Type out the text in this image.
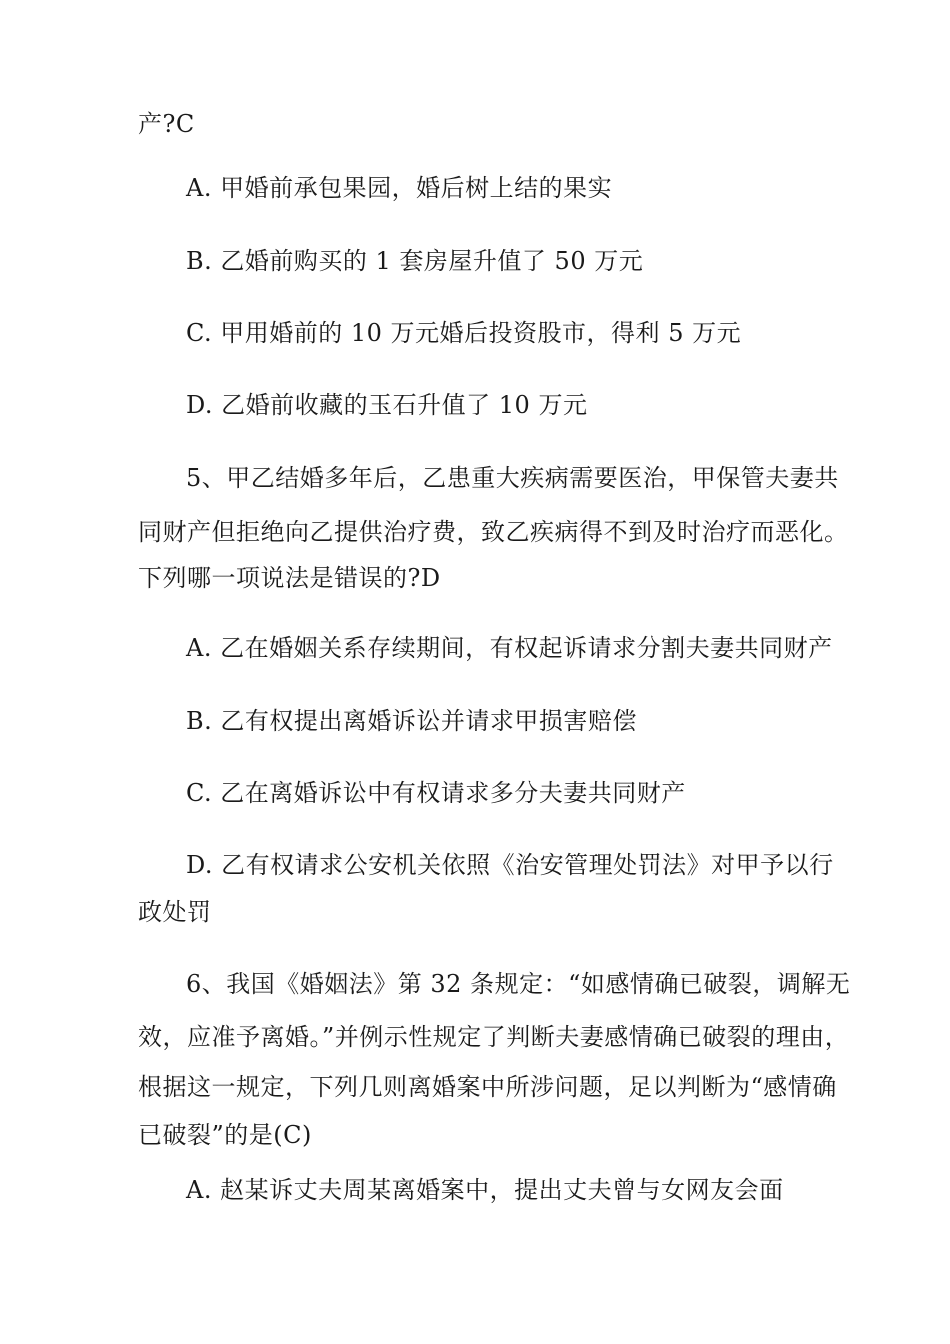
产?C
A. 甲婚前承包果园，婚后树上结的果实
B. 乙婚前购买的 1 套房屋升值了 50 万元
C. 甲用婚前的 10 万元婚后投资股市，得利 5 万元
D. 乙婚前收藏的玉石升值了 10 万元
5、甲乙结婚多年后，乙患重大疾病需要医治，甲保管夫妻共
同财产但拒绝向乙提供治疗费，致乙疾病得不到及时治疗而恶化。
下列哪一项说法是错误的?D
A. 乙在婚姻关系存续期间，有权起诉请求分割夫妻共同财产
B. 乙有权提出离婚诉讼并请求甲损害赔偿
C. 乙在离婚诉讼中有权请求多分夫妻共同财产
D. 乙有权请求公安机关依照《治安管理处罚法》对甲予以行
政处罚
6、我国《婚姻法》第 32 条规定：“如感情确已破裂，调解无
效，应准予离婚。”并例示性规定了判断夫妻感情确已破裂的理由，
根据这一规定，下列几则离婚案中所涉问题，足以判断为“感情确
已破裂”的是(C)
A. 赵某诉丈夫周某离婚案中，提出丈夫曾与女网友会面
